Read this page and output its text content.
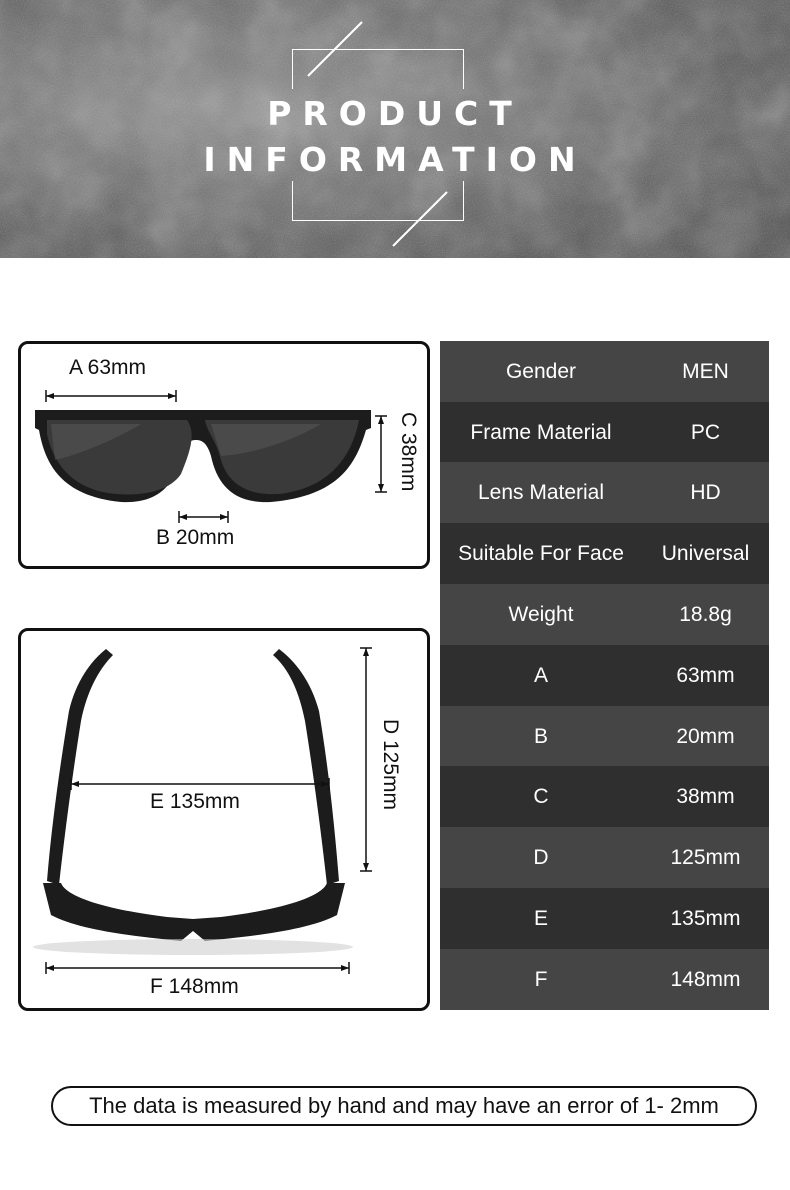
PRODUCT
INFORMATION
A 63mm
B 20mm
C 38mm
E 135mm	D 125mm
F 148mm
Gender	MEN
Frame Material	PC
Lens Material	HD
Suitable For Face	Universal
Weight	18.8g
A	63mm
B	20mm
C	38mm
D	125mm
E	135mm
F	148mm
The data is measured by hand and may have an error of 1- 2mm
